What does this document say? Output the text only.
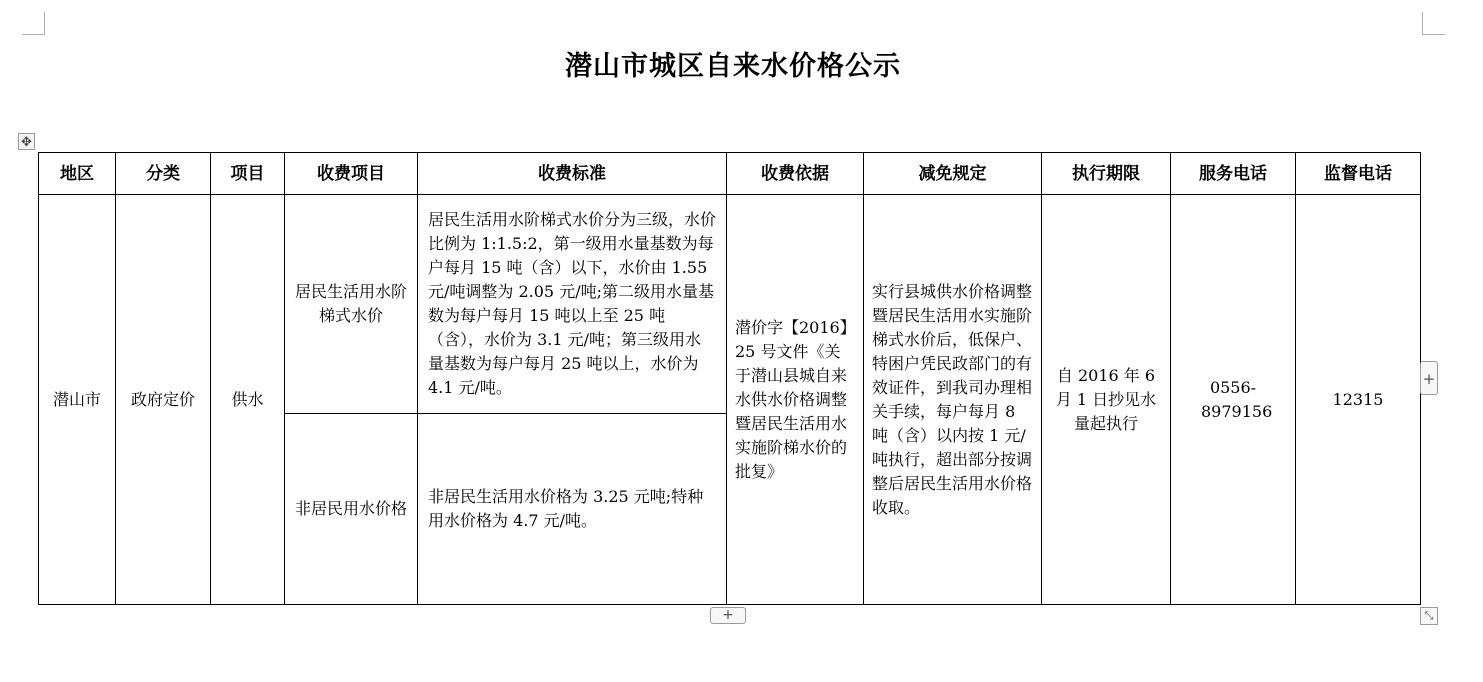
潜山市城区自来水价格公示
✥
地区	分类	项目	收费项目	收费标准	收费依据	减免规定	执行期限	服务电话	监督电话
潜山市	政府定价	供水	居民生活用水阶梯式水价	居民生活用水阶梯式水价分为三级，水价比例为 1:1.5:2，第一级用水量基数为每户每月 15 吨（含）以下，水价由 1.55 元/吨调整为 2.05 元/吨;第二级用水量基数为每户每月 15 吨以上至 25 吨（含），水价为 3.1 元/吨；第三级用水量基数为每户每月 25 吨以上，水价为 4.1 元/吨。	潜价字【2016】25 号文件《关于潜山县城自来水供水价格调整暨居民生活用水实施阶梯水价的批复》	实行县城供水价格调整暨居民生活用水实施阶梯式水价后，低保户、特困户凭民政部门的有效证件，到我司办理相关手续，每户每月 8 吨（含）以内按 1 元/吨执行，超出部分按调整后居民生活用水价格收取。	自 2016 年 6 月 1 日抄见水量起执行	0556-8979156	12315
			非居民用水价格	非居民生活用水价格为 3.25 元吨;特种用水价格为 4.7 元/吨。					
+
+	⤡
